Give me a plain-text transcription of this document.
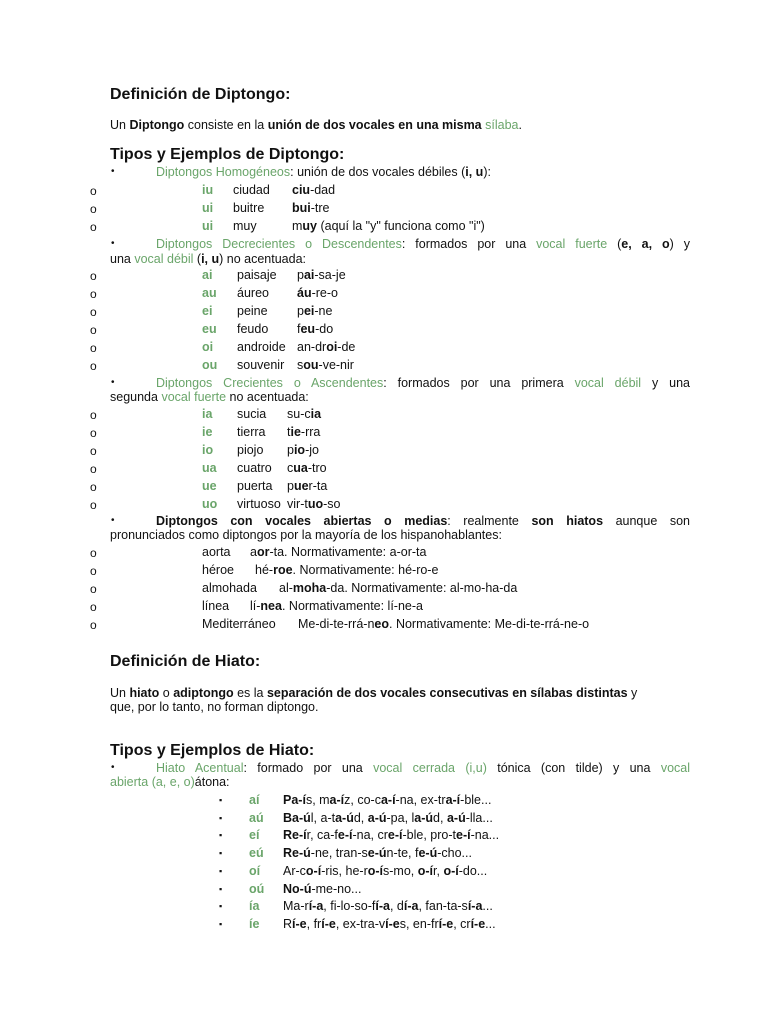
Definición de Diptongo:
Un Diptongo consiste en la unión de dos vocales en una misma sílaba.
Tipos y Ejemplos de Diptongo:
•	Diptongos Homogéneos: unión de dos vocales débiles (i, u):
o	iu ciudad ciu-dad
o	ui buitre bui-tre
o	ui muy	muy (aquí la "y" funciona como "i")
•	Diptongos Decrecientes o Descendentes: formados por una vocal fuerte (e, a, o) y
una vocal débil (i, u) no acentuada:
o	ai paisaje pai-sa-je
o	au áureo áu-re-o
o	ei peine pei-ne
o	eu feudo feu-do
o	oi androide an-droi-de
o	ou souvenir sou-ve-nir
•	Diptongos Crecientes o Ascendentes: formados por una primera vocal débil y una
segunda vocal fuerte no acentuada:
o	ia sucia su-cia
o	ie tierra tie-rra
o	io piojo pio-jo
o	ua cuatro cua-tro
o	ue puerta puer-ta
o	uo virtuoso vir-tuo-so
•	Diptongos con vocales abiertas o medias: realmente son hiatos aunque son
pronunciados como diptongos por la mayoría de los hispanohablantes:
o	aorta aor-ta. Normativamente: a-or-ta
o	héroe hé-roe. Normativamente: hé-ro-e
o	almohada al-moha-da. Normativamente: al-mo-ha-da
o	línea lí-nea. Normativamente: lí-ne-a
o	Mediterráneo Me-di-te-rrá-neo. Normativamente: Me-di-te-rrá-ne-o
Definición de Hiato:
Un hiato o adiptongo es la separación de dos vocales consecutivas en sílabas distintas y
que, por lo tanto, no forman diptongo.
Tipos y Ejemplos de Hiato:
•	Hiato Acentual: formado por una vocal cerrada (i,u) tónica (con tilde) y una vocal
abierta (a, e, o)átona:
▪ aí Pa-ís, ma-íz, co-ca-í-na, ex-tra-í-ble...
▪ aú Ba-úl, a-ta-úd, a-ú-pa, la-úd, a-ú-lla...
▪ eí Re-ír, ca-fe-í-na, cre-í-ble, pro-te-í-na...
▪ eú Re-ú-ne, tran-se-ún-te, fe-ú-cho...
▪ oí Ar-co-í-ris, he-ro-ís-mo, o-ír, o-í-do...
▪ oú No-ú-me-no...
▪ ía Ma-rí-a, fi-lo-so-fí-a, dí-a, fan-ta-sí-a...
▪ íe Rí-e, frí-e, ex-tra-ví-es, en-frí-e, crí-e...
